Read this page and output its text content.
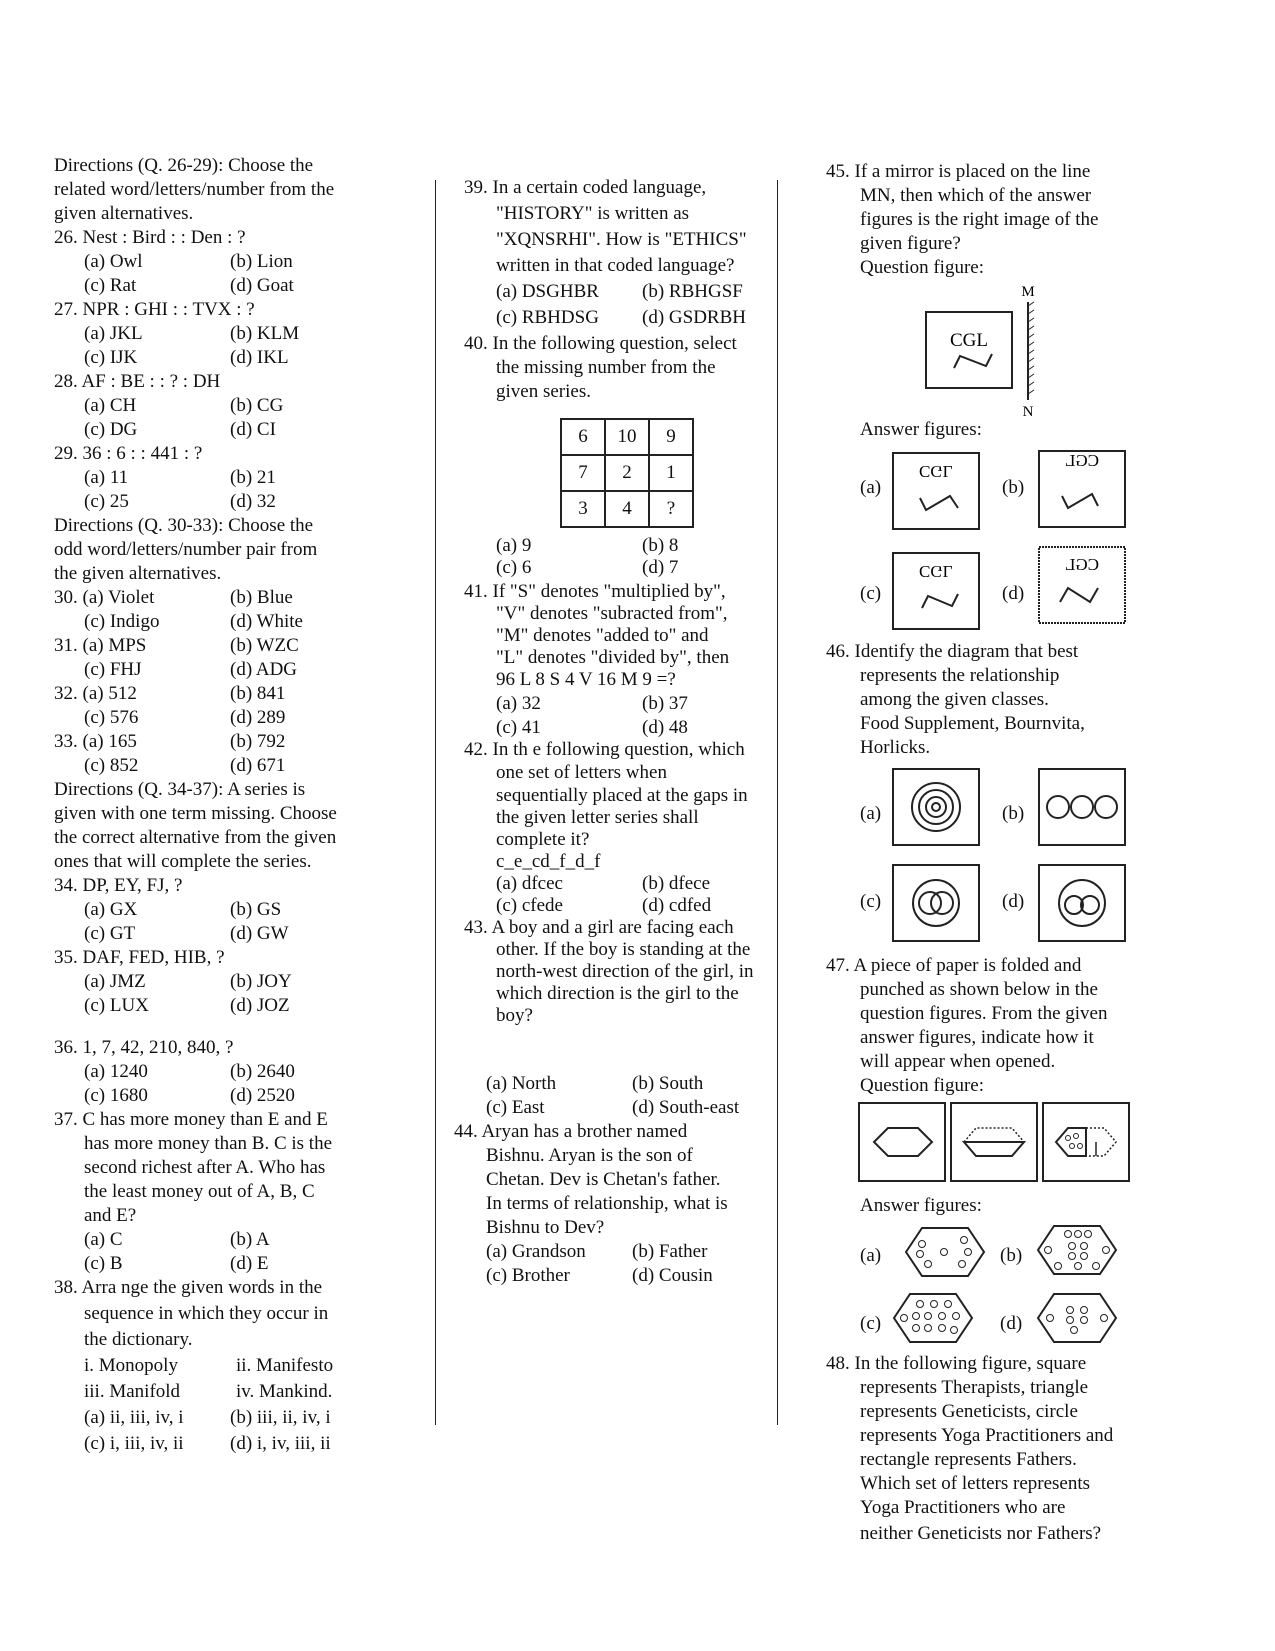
Directions (Q. 26-29): Choose the
related word/letters/number from the
given alternatives.
26. Nest : Bird : : Den : ?
(a) Owl	(b) Lion
(c) Rat	(d) Goat
27. NPR : GHI : : TVX : ?
(a) JKL	(b) KLM
(c) IJK	(d) IKL
28. AF : BE : : ? : DH
(a) CH	(b) CG
(c) DG	(d) CI
29. 36 : 6 : : 441 : ?
(a) 11	(b) 21
(c) 25	(d) 32
Directions (Q. 30-33): Choose the
odd word/letters/number pair from
the given alternatives.
30. (a) Violet	(b) Blue
(c) Indigo	(d) White
31. (a) MPS	(b) WZC
(c) FHJ	(d) ADG
32. (a) 512	(b) 841
(c) 576	(d) 289
33. (a) 165	(b) 792
(c) 852	(d) 671
Directions (Q. 34-37): A series is
given with one term missing. Choose
the correct alternative from the given
ones that will complete the series.
34. DP, EY, FJ, ?
(a) GX	(b) GS
(c) GT	(d) GW
35. DAF, FED, HIB, ?
(a) JMZ	(b) JOY
(c) LUX	(d) JOZ
36. 1, 7, 42, 210, 840, ?
(a) 1240	(b) 2640
(c) 1680	(d) 2520
37. C has more money than E and E
has more money than B. C is the
second richest after A. Who has
the least money out of A, B, C
and E?
(a) C	(b) A
(c) B	(d) E
38. Arra nge the given words in the
sequence in which they occur in
the dictionary.
i. Monopoly	ii. Manifesto
iii. Manifold	iv. Mankind.
(a) ii, iii, iv, i (b) iii, ii, iv, i
(c) i, iii, iv, ii (d) i, iv, iii, ii
39. In a certain coded language,
"HISTORY" is written as
"XQNSRHI". How is "ETHICS"
written in that coded language?
(a) DSGHBR (b) RBHGSF
(c) RBHDSG (d) GSDRBH
40. In the following question, select
the missing number from the
given series.
6	10	9
7	2	1
3	4	?
(a) 9	(b) 8
(c) 6	(d) 7
41. If "S" denotes "multiplied by",
"V" denotes "subracted from",
"M" denotes "added to" and
"L" denotes "divided by", then
96 L 8 S 4 V 16 M 9 =?
(a) 32	(b) 37
(c) 41	(d) 48
42. In th e following question, which
one set of letters when
sequentially placed at the gaps in
the given letter series shall
complete it?
c_e_cd_f_d_f
(a) dfcec	(b) dfece
(c) cfede	(d) cdfed
43. A boy and a girl are facing each
other. If the boy is standing at the
north-west direction of the girl, in
which direction is the girl to the
boy?
(a) North	(b) South
(c) East	(d) South-east
44. Aryan has a brother named
Bishnu. Aryan is the son of
Chetan. Dev is Chetan's father.
In terms of relationship, what is
Bishnu to Dev?
(a) Grandson (b) Father
(c) Brother	(d) Cousin
45. If a mirror is placed on the line
MN, then which of the answer
figures is the right image of the
given figure?
Question figure:
CGL
M
N
Answer figures:
(a)
CGL
(b)
CGL
(c)
CGL
(d)
CGL
46. Identify the diagram that best
represents the relationship
among the given classes.
Food Supplement, Bournvita,
Horlicks.
(a)	(b)
(c)	(d)
47. A piece of paper is folded and
punched as shown below in the
question figures. From the given
answer figures, indicate how it
will appear when opened.
Question figure:
Answer figures:
(a)	(b)
(c)	(d)
48. In the following figure, square
represents Therapists, triangle
represents Geneticists, circle
represents Yoga Practitioners and
rectangle represents Fathers.
Which set of letters represents
Yoga Practitioners who are
neither Geneticists nor Fathers?
